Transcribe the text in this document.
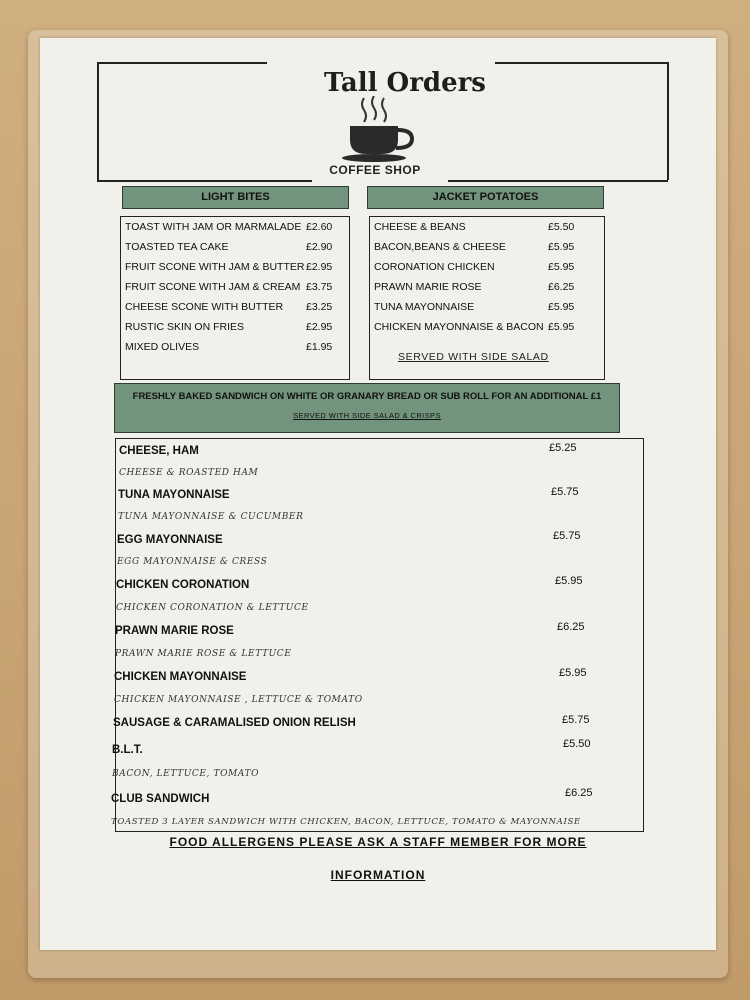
Tall Orders
COFFEE SHOP
LIGHT BITES
TOAST WITH JAM OR MARMALADE £2.60
TOASTED TEA CAKE	£2.90
FRUIT SCONE WITH JAM & BUTTER £2.95
FRUIT SCONE WITH JAM & CREAM £3.75
CHEESE SCONE WITH BUTTER £3.25
RUSTIC SKIN ON FRIES	£2.95
MIXED OLIVES	£1.95
JACKET POTATOES
CHEESE & BEANS	£5.50
BACON,BEANS & CHEESE	£5.95
CORONATION CHICKEN	£5.95
PRAWN MARIE ROSE	£6.25
TUNA MAYONNAISE	£5.95
CHICKEN MAYONNAISE & BACON £5.95
SERVED WITH SIDE SALAD
FRESHLY BAKED SANDWICH ON WHITE OR GRANARY BREAD OR SUB ROLL FOR AN ADDITIONAL £1
SERVED WITH SIDE SALAD & CRISPS
CHEESE, HAM	£5.25
CHEESE & ROASTED HAM
TUNA MAYONNAISE	£5.75
TUNA MAYONNAISE & CUCUMBER
EGG MAYONNAISE	£5.75
EGG MAYONNAISE & CRESS
CHICKEN CORONATION	£5.95
CHICKEN CORONATION & LETTUCE
PRAWN MARIE ROSE	£6.25
PRAWN MARIE ROSE & LETTUCE
CHICKEN MAYONNAISE	£5.95
CHICKEN MAYONNAISE , LETTUCE & TOMATO
SAUSAGE & CARAMALISED ONION RELISH	£5.75
B.L.T.	£5.50
BACON, LETTUCE, TOMATO
CLUB SANDWICH	£6.25
TOASTED 3 LAYER SANDWICH WITH CHICKEN, BACON, LETTUCE, TOMATO & MAYONNAISE
FOOD ALLERGENS PLEASE ASK A STAFF MEMBER FOR MORE
INFORMATION
